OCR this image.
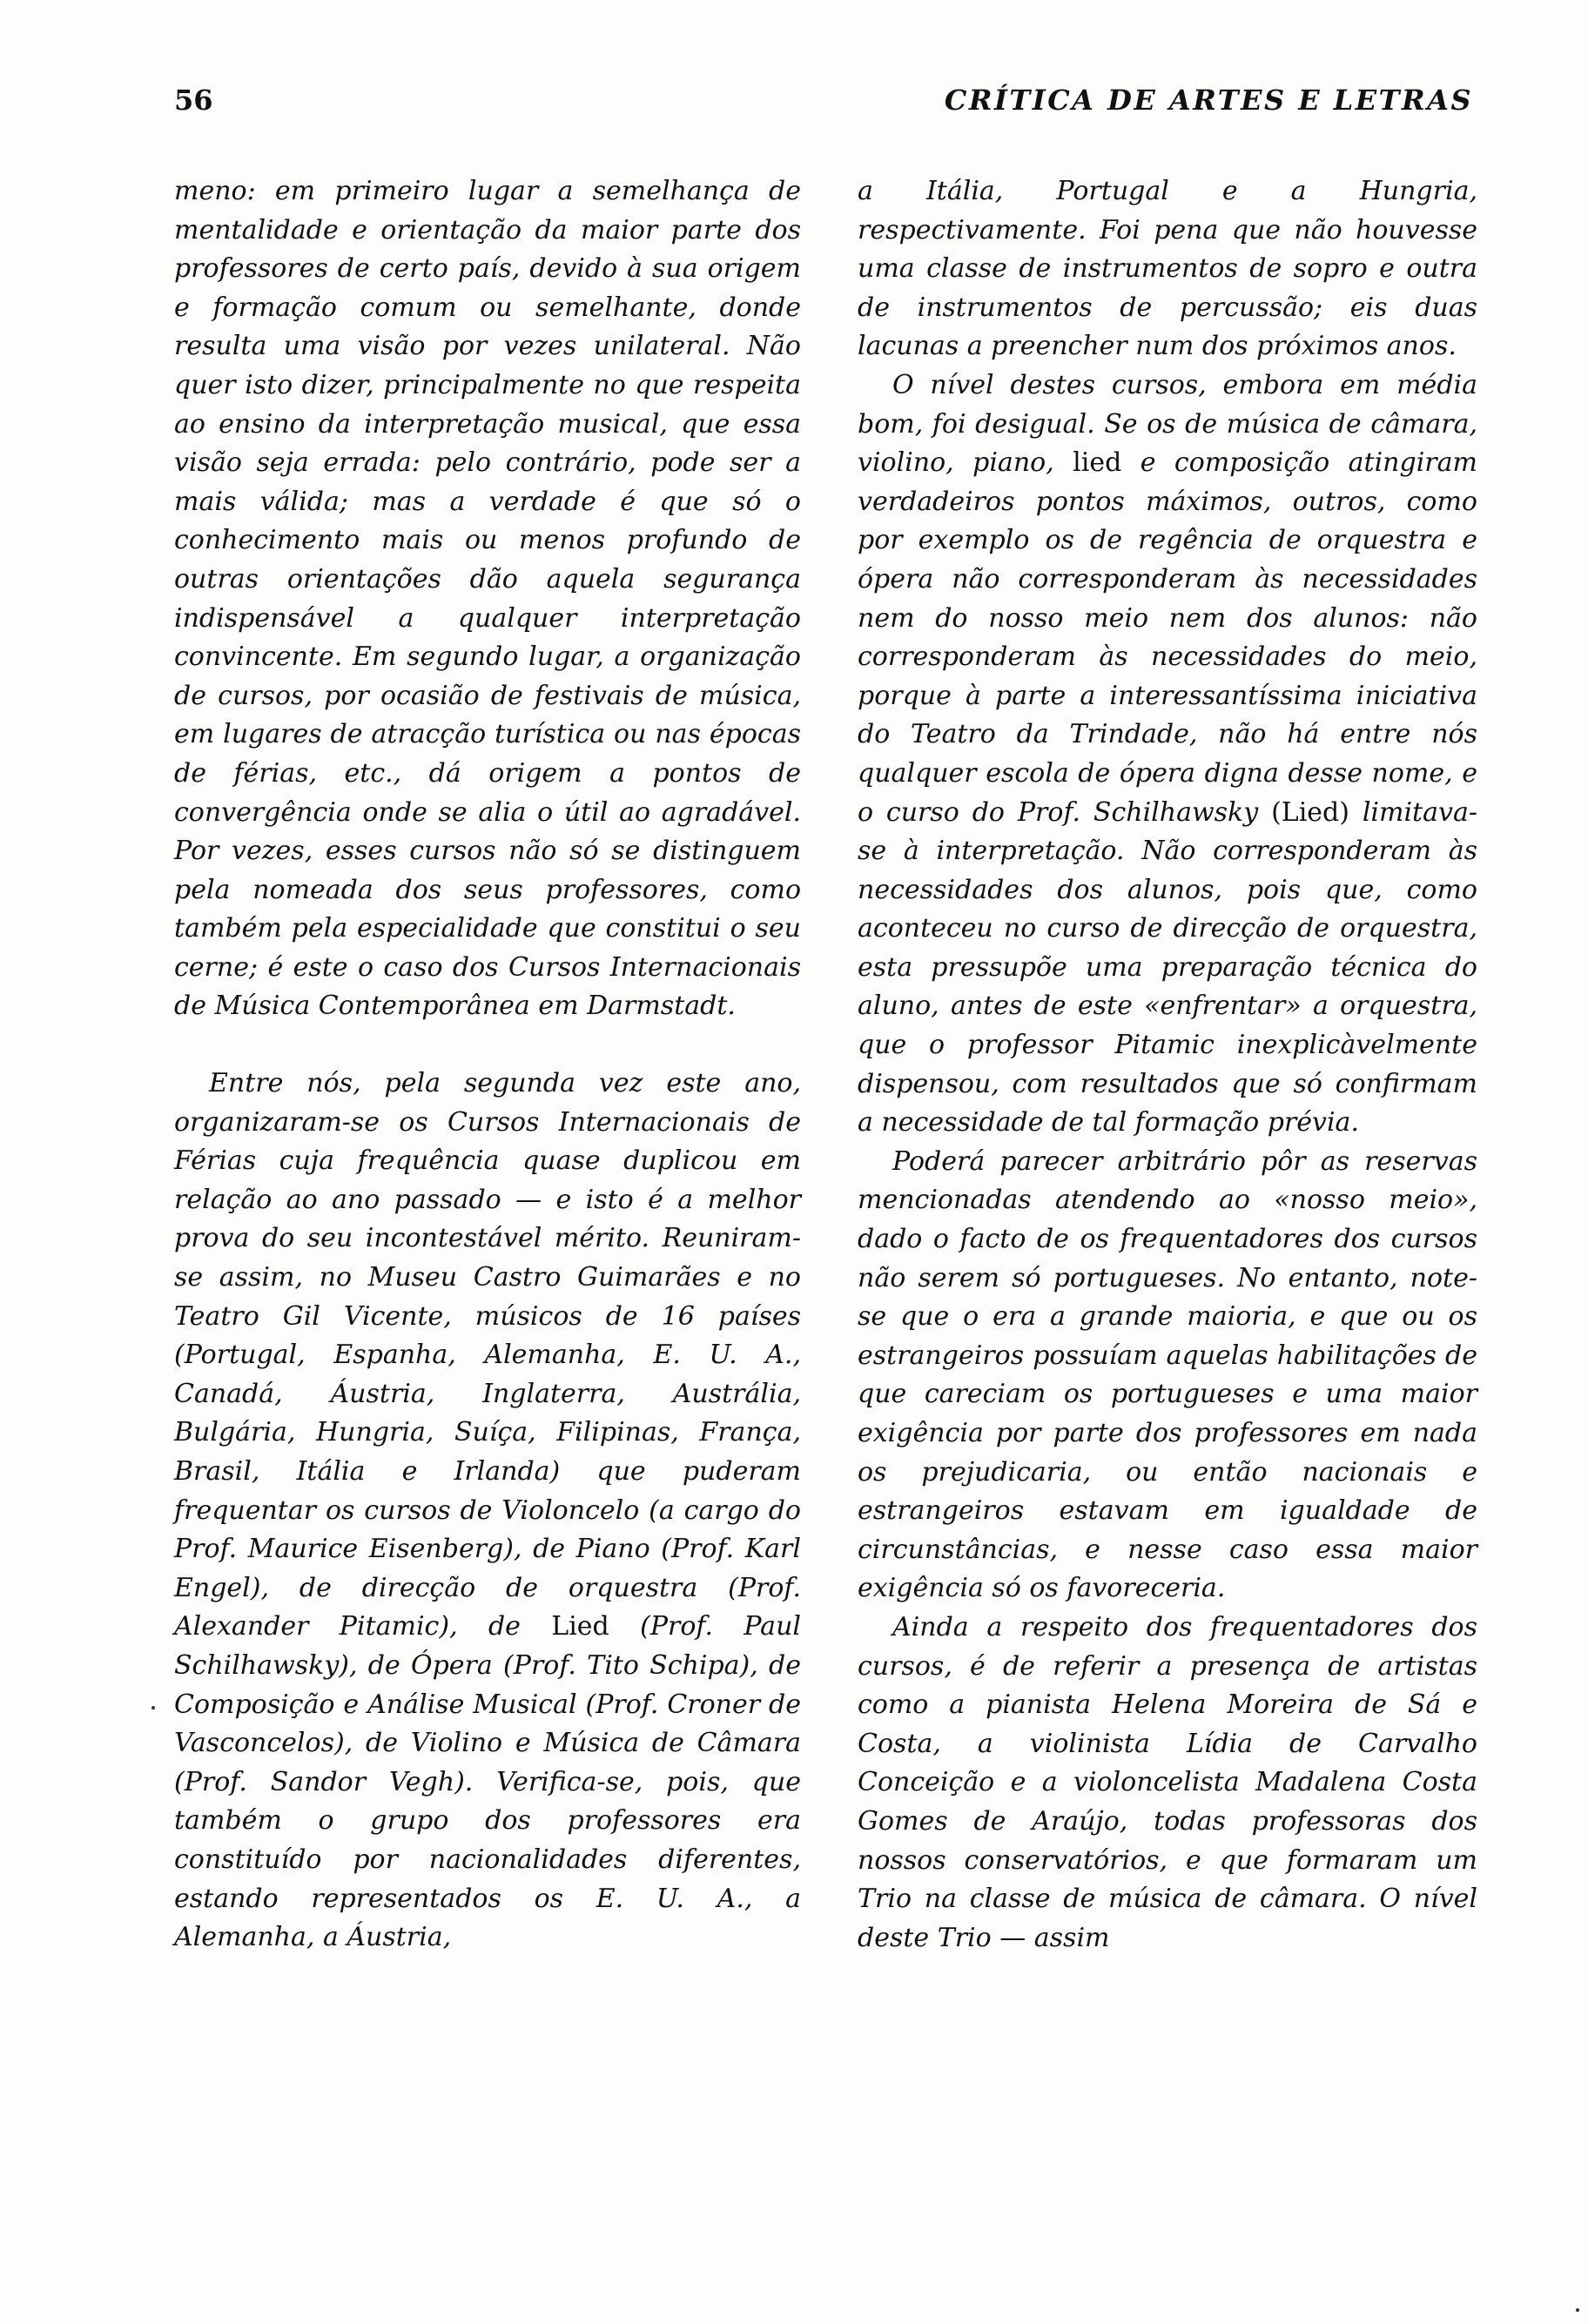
56	CRÍTICA DE ARTES E LETRAS

meno: em primeiro lugar a semelhança de mentalidade e orientação da maior parte dos professores de certo país, devido à sua origem e formação comum ou semelhante, donde resulta uma visão por vezes unilateral. Não quer isto dizer, principalmente no que respeita ao ensino da interpretação musical, que essa visão seja errada: pelo contrário, pode ser a mais válida; mas a verdade é que só o conhecimento mais ou menos profundo de outras orientações dão aquela segurança indispensável a qualquer interpretação convincente. Em segundo lugar, a organização de cursos, por ocasião de festivais de música, em lugares de atracção turística ou nas épocas de férias, etc., dá origem a pontos de convergência onde se alia o útil ao agradável. Por vezes, esses cursos não só se distinguem pela nomeada dos seus professores, como também pela especialidade que constitui o seu cerne; é este o caso dos Cursos Internacionais de Música Contemporânea em Darmstadt.

Entre nós, pela segunda vez este ano, organizaram-se os Cursos Internacionais de Férias cuja frequência quase duplicou em relação ao ano passado — e isto é a melhor prova do seu incontestável mérito. Reuniram-se assim, no Museu Castro Guimarães e no Teatro Gil Vicente, músicos de 16 países (Portugal, Espanha, Alemanha, E. U. A., Canadá, Áustria, Inglaterra, Austrália, Bulgária, Hungria, Suíça, Filipinas, França, Brasil, Itália e Irlanda) que puderam frequentar os cursos de Violoncelo (a cargo do Prof. Maurice Eisenberg), de Piano (Prof. Karl Engel), de direcção de orquestra (Prof. Alexander Pitamic), de Lied (Prof. Paul Schilhawsky), de Ópera (Prof. Tito Schipa), de Composição e Análise Musical (Prof. Croner de Vasconcelos), de Violino e Música de Câmara (Prof. Sandor Vegh). Verifica-se, pois, que também o grupo dos professores era constituído por nacionalidades diferentes, estando representados os E. U. A., a Alemanha, a Áustria,

a Itália, Portugal e a Hungria, respectivamente. Foi pena que não houvesse uma classe de instrumentos de sopro e outra de instrumentos de percussão; eis duas lacunas a preencher num dos próximos anos.

O nível destes cursos, embora em média bom, foi desigual. Se os de música de câmara, violino, piano, lied e composição atingiram verdadeiros pontos máximos, outros, como por exemplo os de regência de orquestra e ópera não corresponderam às necessidades nem do nosso meio nem dos alunos: não corresponderam às necessidades do meio, porque à parte a interessantíssima iniciativa do Teatro da Trindade, não há entre nós qualquer escola de ópera digna desse nome, e o curso do Prof. Schilhawsky (Lied) limitava-se à interpretação. Não corresponderam às necessidades dos alunos, pois que, como aconteceu no curso de direcção de orquestra, esta pressupõe uma preparação técnica do aluno, antes de este «enfrentar» a orquestra, que o professor Pitamic inexplicàvelmente dispensou, com resultados que só confirmam a necessidade de tal formação prévia.

Poderá parecer arbitrário pôr as reservas mencionadas atendendo ao «nosso meio», dado o facto de os frequentadores dos cursos não serem só portugueses. No entanto, note-se que o era a grande maioria, e que ou os estrangeiros possuíam aquelas habilitações de que careciam os portugueses e uma maior exigência por parte dos professores em nada os prejudicaria, ou então nacionais e estrangeiros estavam em igualdade de circunstâncias, e nesse caso essa maior exigência só os favoreceria.

Ainda a respeito dos frequentadores dos cursos, é de referir a presença de artistas como a pianista Helena Moreira de Sá e Costa, a violinista Lídia de Carvalho Conceição e a violoncelista Madalena Costa Gomes de Araújo, todas professoras dos nossos conservatórios, e que formaram um Trio na classe de música de câmara. O nível deste Trio — assim
